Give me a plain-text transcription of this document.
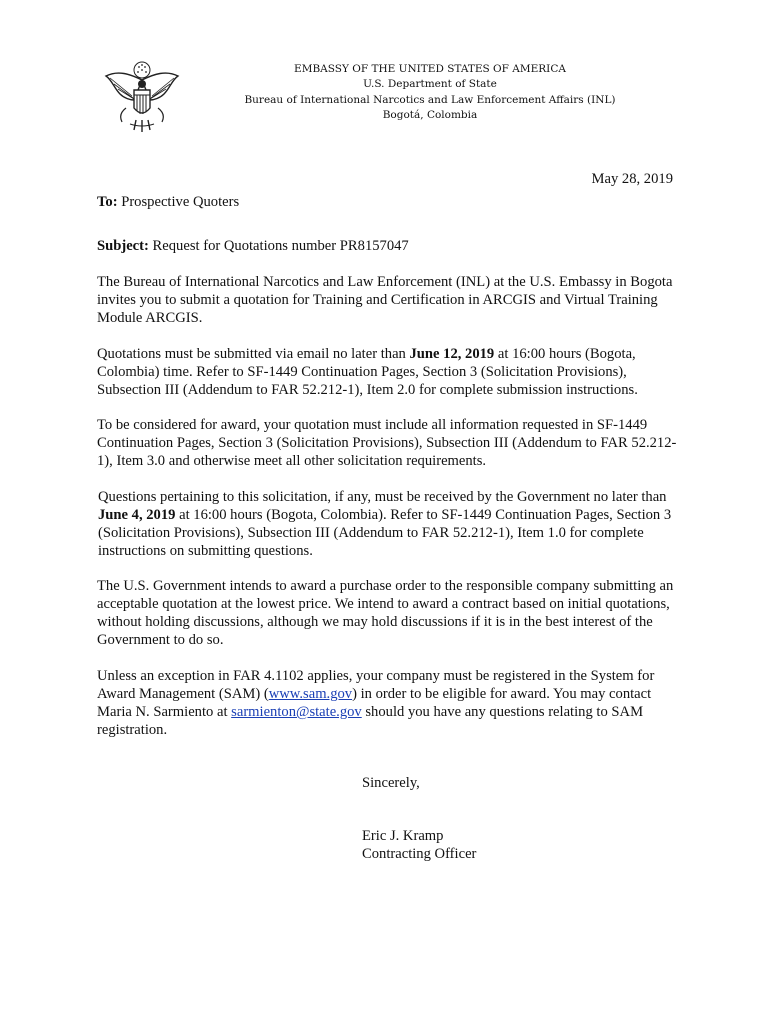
EMBASSY OF THE UNITED STATES OF AMERICA
U.S. Department of State
Bureau of International Narcotics and Law Enforcement Affairs (INL)
Bogotá, Colombia
May 28, 2019

To: Prospective Quoters

Subject: Request for Quotations number PR8157047

The Bureau of International Narcotics and Law Enforcement (INL) at the U.S. Embassy in Bogota invites you to submit a quotation for Training and Certification in ARCGIS and Virtual Training Module ARCGIS.

Quotations must be submitted via email no later than June 12, 2019 at 16:00 hours (Bogota, Colombia) time. Refer to SF-1449 Continuation Pages, Section 3 (Solicitation Provisions), Subsection III (Addendum to FAR 52.212-1), Item 2.0 for complete submission instructions.

To be considered for award, your quotation must include all information requested in SF-1449 Continuation Pages, Section 3 (Solicitation Provisions), Subsection III (Addendum to FAR 52.212-1), Item 3.0 and otherwise meet all other solicitation requirements.

Questions pertaining to this solicitation, if any, must be received by the Government no later than June 4, 2019 at 16:00 hours (Bogota, Colombia). Refer to SF-1449 Continuation Pages, Section 3 (Solicitation Provisions), Subsection III (Addendum to FAR 52.212-1), Item 1.0 for complete instructions on submitting questions.

The U.S. Government intends to award a purchase order to the responsible company submitting an acceptable quotation at the lowest price. We intend to award a contract based on initial quotations, without holding discussions, although we may hold discussions if it is in the best interest of the Government to do so.

Unless an exception in FAR 4.1102 applies, your company must be registered in the System for Award Management (SAM) (www.sam.gov) in order to be eligible for award. You may contact Maria N. Sarmiento at sarmienton@state.gov should you have any questions relating to SAM registration.

Sincerely,
Eric J. Kramp
Contracting Officer
